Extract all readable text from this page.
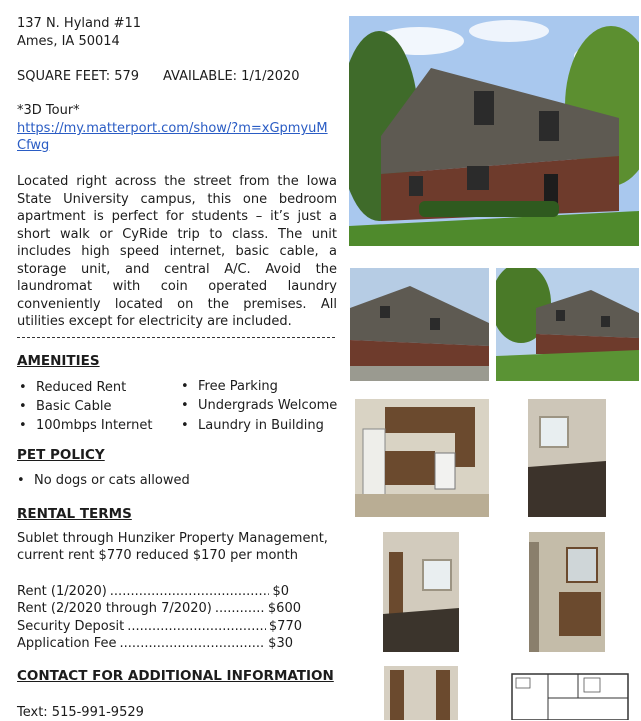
137 N. Hyland #11
Ames, IA 50014
SQUARE FEET: 579 AVAILABLE: 1/1/2020
*3D Tour*
https://my.matterport.com/show/?m=xGpmyuM
Cfwg
Located right across the street from the Iowa State University campus, this one bedroom apartment is perfect for students – it’s just a short walk or CyRide trip to class. The unit includes high speed internet, basic cable, a storage unit, and central A/C. Avoid the laundromat with coin operated laundry conveniently located on the premises. All utilities except for electricity are included.
AMENITIES
• Reduced Rent
• Basic Cable
• 100mbps Internet
• Free Parking
• Undergrads Welcome
• Laundry in Building
PET POLICY
• No dogs or cats allowed
RENTAL TERMS
Sublet through Hunziker Property Management,
current rent $770 reduced $170 per month
Rent (1/2020) .....	$0
Rent (2/2020 through 7/2020) .....	$600
Security Deposit .....	$770
Application Fee .....	$30
CONTACT FOR ADDITIONAL INFORMATION
Text: 515-991-9529
